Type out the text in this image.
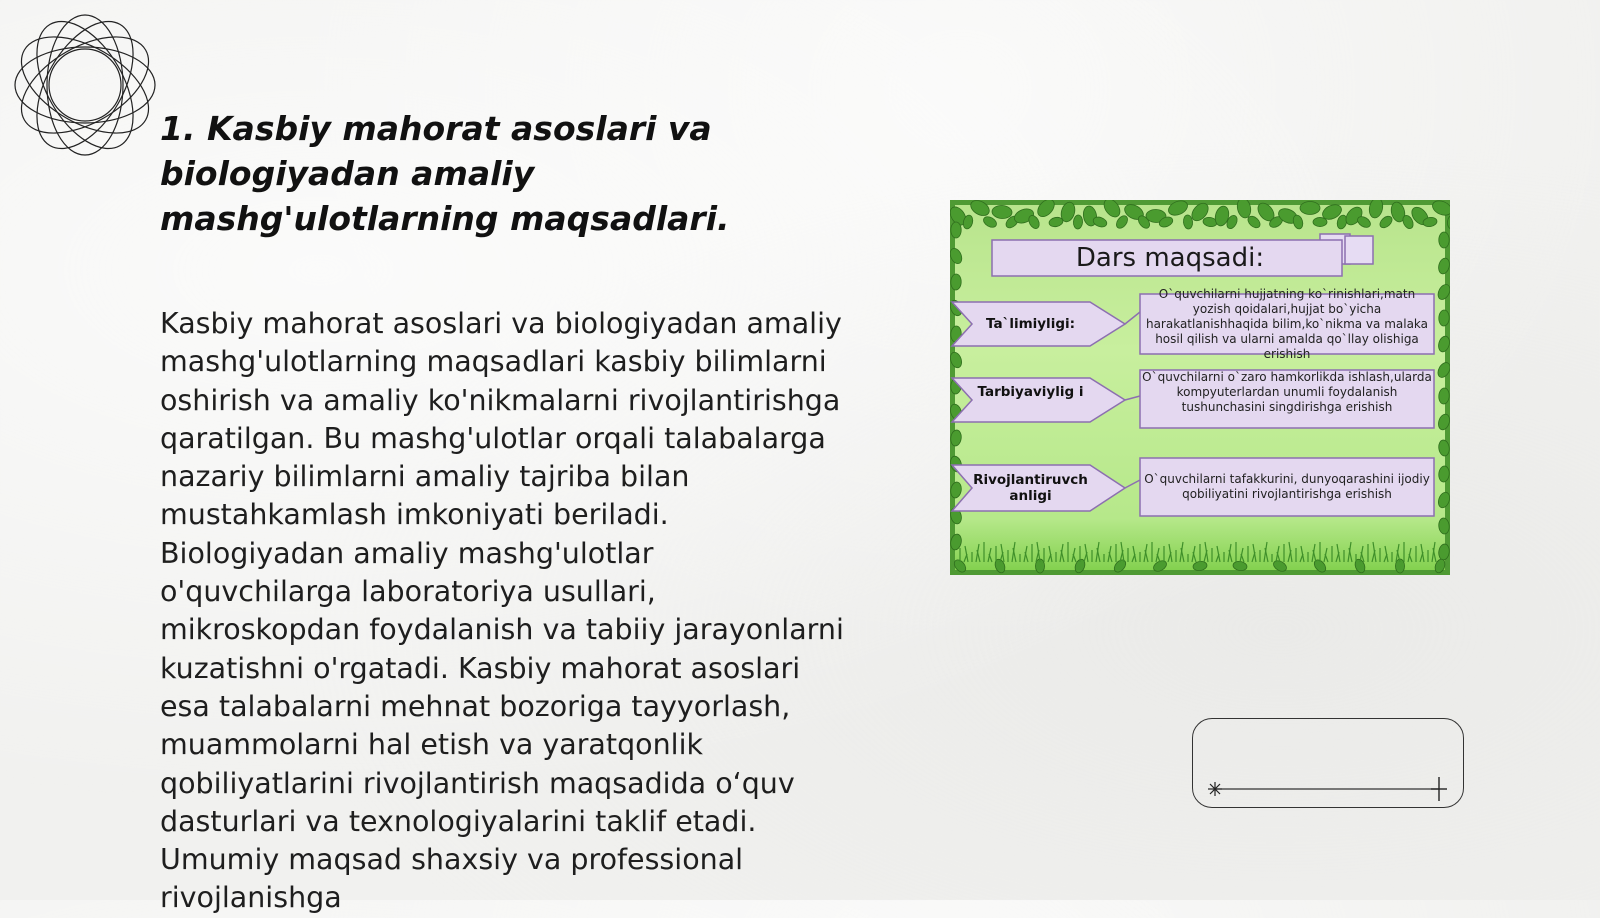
1. Kasbiy mahorat asoslari va biologiyadan amaliy mashg'ulotlarning maqsadlari.

Kasbiy mahorat asoslari va biologiyadan amaliy mashg'ulotlarning maqsadlari kasbiy bilimlarni oshirish va amaliy ko'nikmalarni rivojlantirishga qaratilgan. Bu mashg'ulotlar orqali talabalarga nazariy bilimlarni amaliy tajriba bilan mustahkamlash imkoniyati beriladi. Biologiyadan amaliy mashg'ulotlar o'quvchilarga laboratoriya usullari, mikroskopdan foydalanish va tabiiy jarayonlarni kuzatishni o'rgatadi. Kasbiy mahorat asoslari esa talabalarni mehnat bozoriga tayyorlash, muammolarni hal etish va yaratqonlik qobiliyatlarini rivojlantirish maqsadida o‘quv dasturlari va texnologiyalarini taklif etadi. Umumiy maqsad shaxsiy va professional rivojlanishga

Dars maqsadi:
Ta`limiyligi:
O`quvchilarni hujjatning ko`rinishlari,matn yozish qoidalari,hujjat bo`yicha harakatlanishhaqida bilim,ko`nikma va malaka hosil qilish va ularni amalda qo`llay olishiga erishish
Tarbiyaviylig i
O`quvchilarni o`zaro hamkorlikda ishlash,ularda kompyuterlardan unumli foydalanish tushunchasini singdirishga erishish
Rivojlantiruvch anligi
O`quvchilarni tafakkurini, dunyoqarashini ijodiy qobiliyatini rivojlantirishga erishish
